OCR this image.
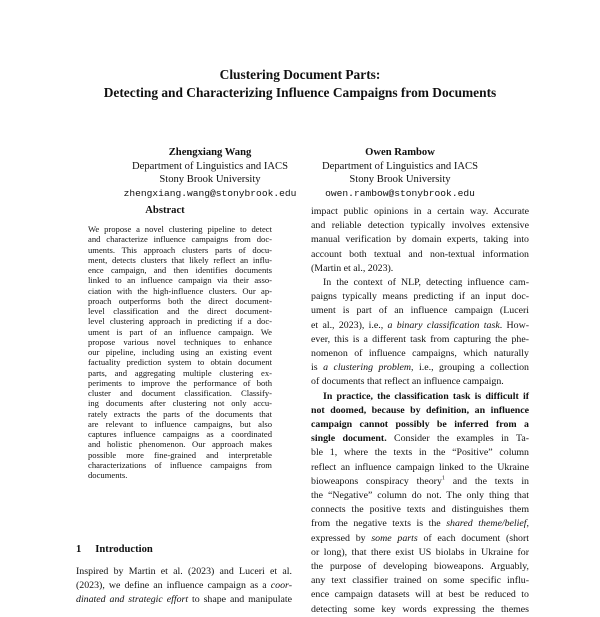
Clustering Document Parts:
Detecting and Characterizing Influence Campaigns from Documents
Zhengxiang Wang
Department of Linguistics and IACS
Stony Brook University
zhengxiang.wang@stonybrook.edu
Owen Rambow
Department of Linguistics and IACS
Stony Brook University
owen.rambow@stonybrook.edu
Abstract
We propose a novel clustering pipeline to detect
and characterize influence campaigns from doc-
uments. This approach clusters parts of docu-
ment, detects clusters that likely reflect an influ-
ence campaign, and then identifies documents
linked to an influence campaign via their asso-
ciation with the high-influence clusters. Our ap-
proach outperforms both the direct document-
level classification and the direct document-
level clustering approach in predicting if a doc-
ument is part of an influence campaign. We
propose various novel techniques to enhance
our pipeline, including using an existing event
factuality prediction system to obtain document
parts, and aggregating multiple clustering ex-
periments to improve the performance of both
cluster and document classification. Classify-
ing documents after clustering not only accu-
rately extracts the parts of the documents that
are relevant to influence campaigns, but also
captures influence campaigns as a coordinated
and holistic phenomenon. Our approach makes
possible more fine-grained and interpretable
characterizations of influence campaigns from
documents.
1 Introduction
Inspired by Martin et al. (2023) and Luceri et al.
(2023), we define an influence campaign as a coor-
dinated and strategic effort to shape and manipulate
impact public opinions in a certain way. Accurate
and reliable detection typically involves extensive
manual verification by domain experts, taking into
account both textual and non-textual information
(Martin et al., 2023).
In the context of NLP, detecting influence cam-
paigns typically means predicting if an input doc-
ument is part of an influence campaign (Luceri
et al., 2023), i.e., a binary classification task. How-
ever, this is a different task from capturing the phe-
nomenon of influence campaigns, which naturally
is a clustering problem, i.e., grouping a collection
of documents that reflect an influence campaign.
In practice, the classification task is difficult if
not doomed, because by definition, an influence
campaign cannot possibly be inferred from a
single document. Consider the examples in Ta-
ble 1, where the texts in the “Positive” column
reflect an influence campaign linked to the Ukraine
bioweapons conspiracy theory$^1$ and the texts in
the “Negative” column do not. The only thing that
connects the positive texts and distinguishes them
from the negative texts is the shared theme/belief,
expressed by some parts of each document (short
or long), that there exist US biolabs in Ukraine for
the purpose of developing bioweapons. Arguably,
any text classifier trained on some specific influ-
ence campaign datasets will at best be reduced to
detecting some key words expressing the themes
